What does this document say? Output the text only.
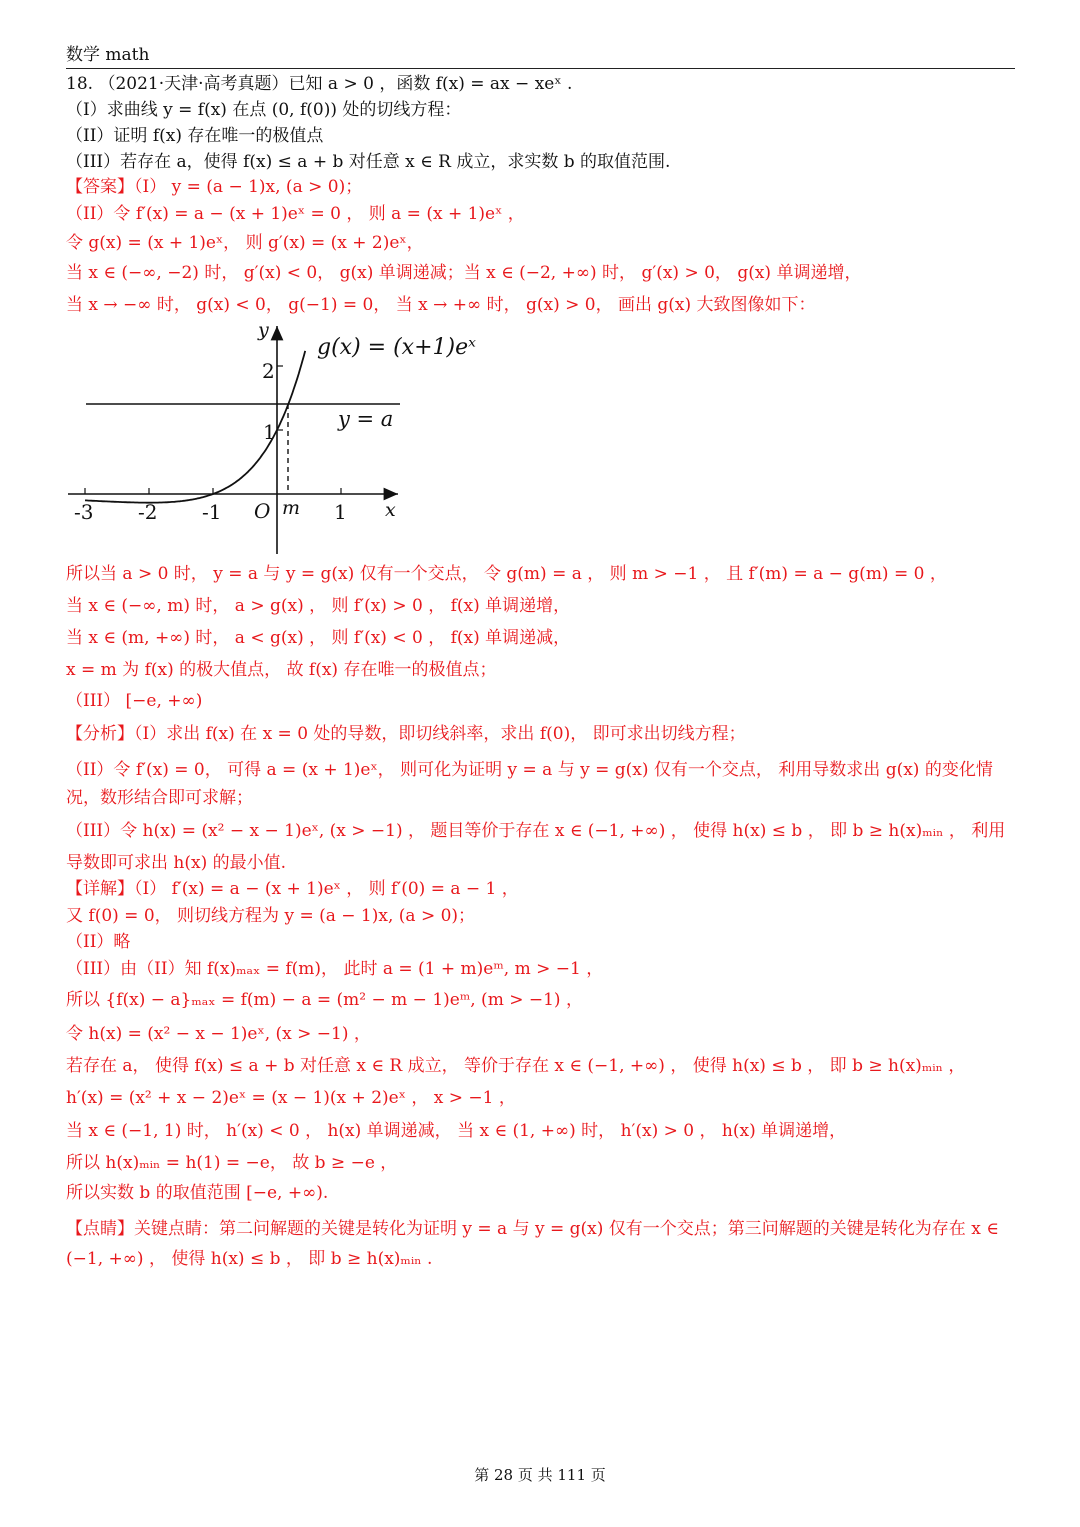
数学 math
18. （2021·天津·高考真题）已知 a > 0 ，函数 f(x) = ax − xeˣ .
（I）求曲线 y = f(x) 在点 (0, f(0)) 处的切线方程：
（II）证明 f(x) 存在唯一的极值点
（III）若存在 a，使得 f(x) ≤ a + b 对任意 x ∈ R 成立，求实数 b 的取值范围.
【答案】（I） y = (a − 1)x, (a > 0)；
（II）令 f′(x) = a − (x + 1)eˣ = 0 ， 则 a = (x + 1)eˣ ，
令 g(x) = (x + 1)eˣ， 则 g′(x) = (x + 2)eˣ，
当 x ∈ (−∞, −2) 时， g′(x) < 0， g(x) 单调递减；当 x ∈ (−2, +∞) 时， g′(x) > 0， g(x) 单调递增，
当 x → −∞ 时， g(x) < 0， g(−1) = 0， 当 x → +∞ 时， g(x) > 0， 画出 g(x) 大致图像如下：
g(x) = (x+1)eˣ
y = a
y
x
O m
-3 -2 -1	1
2
1
所以当 a > 0 时， y = a 与 y = g(x) 仅有一个交点， 令 g(m) = a ， 则 m > −1 ， 且 f′(m) = a − g(m) = 0 ，
当 x ∈ (−∞, m) 时， a > g(x) ， 则 f′(x) > 0 ， f(x) 单调递增，
当 x ∈ (m, +∞) 时， a < g(x) ， 则 f′(x) < 0 ， f(x) 单调递减，
x = m 为 f(x) 的极大值点， 故 f(x) 存在唯一的极值点；
（III） [−e, +∞)
【分析】（I）求出 f(x) 在 x = 0 处的导数，即切线斜率，求出 f(0)， 即可求出切线方程；
（II）令 f′(x) = 0， 可得 a = (x + 1)eˣ， 则可化为证明 y = a 与 y = g(x) 仅有一个交点， 利用导数求出 g(x) 的变化情况，数形结合即可求解；
（III）令 h(x) = (x² − x − 1)eˣ, (x > −1) ， 题目等价于存在 x ∈ (−1, +∞) ， 使得 h(x) ≤ b ， 即 b ≥ h(x)ₘᵢₙ ， 利用导数即可求出 h(x) 的最小值.
【详解】（I） f′(x) = a − (x + 1)eˣ ， 则 f′(0) = a − 1 ，
又 f(0) = 0， 则切线方程为 y = (a − 1)x, (a > 0)；
（II）略
（III）由（II）知 f(x)ₘₐₓ = f(m)， 此时 a = (1 + m)eᵐ, m > −1 ，
所以 {f(x) − a}ₘₐₓ = f(m) − a = (m² − m − 1)eᵐ, (m > −1) ，
令 h(x) = (x² − x − 1)eˣ, (x > −1) ，
若存在 a， 使得 f(x) ≤ a + b 对任意 x ∈ R 成立， 等价于存在 x ∈ (−1, +∞) ， 使得 h(x) ≤ b ， 即 b ≥ h(x)ₘᵢₙ ，
h′(x) = (x² + x − 2)eˣ = (x − 1)(x + 2)eˣ ， x > −1 ，
当 x ∈ (−1, 1) 时， h′(x) < 0 ， h(x) 单调递减， 当 x ∈ (1, +∞) 时， h′(x) > 0 ， h(x) 单调递增，
所以 h(x)ₘᵢₙ = h(1) = −e， 故 b ≥ −e ，
所以实数 b 的取值范围 [−e, +∞).
【点睛】关键点睛：第二问解题的关键是转化为证明 y = a 与 y = g(x) 仅有一个交点；第三问解题的关键是转化为存在 x ∈ (−1, +∞) ， 使得 h(x) ≤ b ， 即 b ≥ h(x)ₘᵢₙ .
第 28 页 共 111 页
